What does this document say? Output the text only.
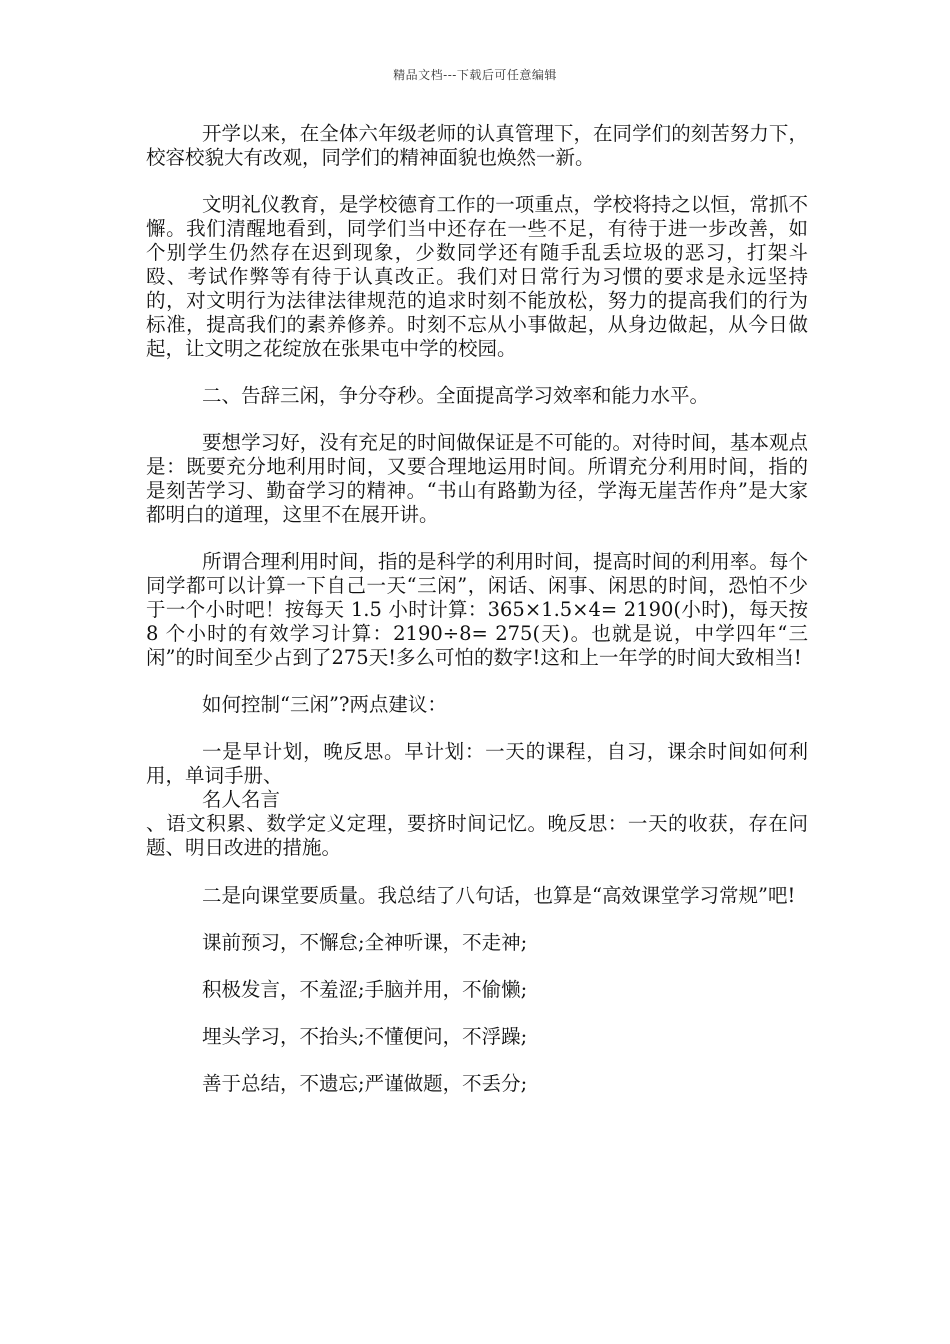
精品文档---下载后可任意编辑

开学以来，在全体六年级老师的认真管理下，在同学们的刻苦努力下，校容校貌大有改观，同学们的精神面貌也焕然一新。

文明礼仪教育，是学校德育工作的一项重点，学校将持之以恒，常抓不懈。我们清醒地看到，同学们当中还存在一些不足，有待于进一步改善，如个别学生仍然存在迟到现象，少数同学还有随手乱丢垃圾的恶习，打架斗殴、考试作弊等有待于认真改正。我们对日常行为习惯的要求是永远坚持的，对文明行为法律法律规范的追求时刻不能放松，努力的提高我们的行为标准，提高我们的素养修养。时刻不忘从小事做起，从身边做起，从今日做起，让文明之花绽放在张果屯中学的校园。

二、告辞三闲，争分夺秒。全面提高学习效率和能力水平。

要想学习好，没有充足的时间做保证是不可能的。对待时间，基本观点是：既要充分地利用时间，又要合理地运用时间。所谓充分利用时间，指的是刻苦学习、勤奋学习的精神。“书山有路勤为径，学海无崖苦作舟”是大家都明白的道理，这里不在展开讲。

所谓合理利用时间，指的是科学的利用时间，提高时间的利用率。每个同学都可以计算一下自己一天“三闲”，闲话、闲事、闲思的时间，恐怕不少于一个小时吧！按每天 1.5 小时计算：365×1.5×4= 2190(小时)，每天按 8 个小时的有效学习计算：2190÷8= 275(天)。也就是说，中学四年“三闲”的时间至少占到了275天!多么可怕的数字!这和上一年学的时间大致相当!

如何控制“三闲”?两点建议：

一是早计划，晚反思。早计划：一天的课程，自习，课余时间如何利用，单词手册、

名人名言

、语文积累、数学定义定理，要挤时间记忆。晚反思：一天的收获，存在问题、明日改进的措施。

二是向课堂要质量。我总结了八句话，也算是“高效课堂学习常规”吧!

课前预习，不懈怠;全神听课，不走神;

积极发言，不羞涩;手脑并用，不偷懒;

埋头学习，不抬头;不懂便问，不浮躁;

善于总结，不遗忘;严谨做题，不丢分;
